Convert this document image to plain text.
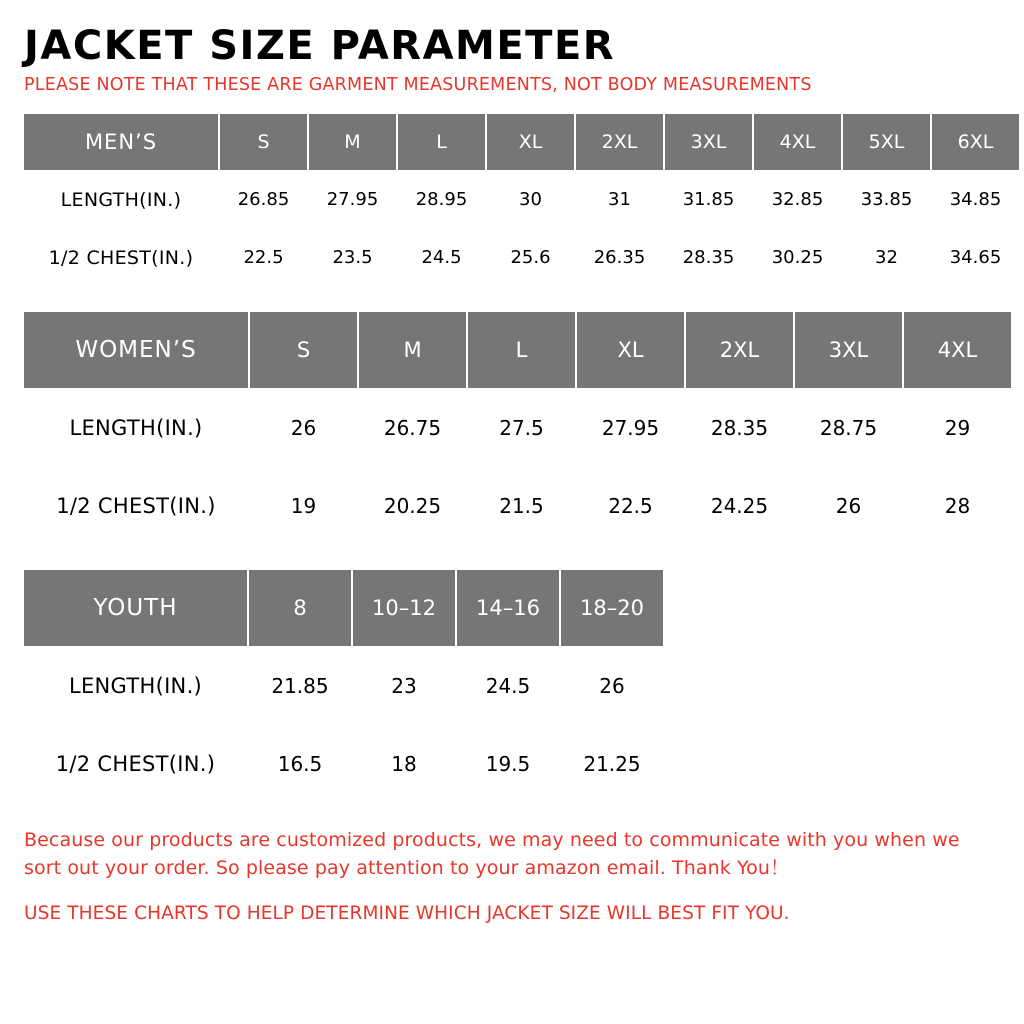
JACKET SIZE PARAMETER

PLEASE NOTE THAT THESE ARE GARMENT MEASUREMENTS, NOT BODY MEASUREMENTS

MEN’S	S	M	L	XL	2XL	3XL	4XL	5XL	6XL
LENGTH(IN.)	26.85	27.95	28.95	30	31	31.85	32.85	33.85	34.85
1/2 CHEST(IN.)	22.5	23.5	24.5	25.6	26.35	28.35	30.25	32	34.65
WOMEN’S	S	M	L	XL	2XL	3XL	4XL
LENGTH(IN.)	26	26.75	27.5	27.95	28.35	28.75	29
1/2 CHEST(IN.)	19	20.25	21.5	22.5	24.25	26	28
YOUTH	8	10–12	14–16	18–20
LENGTH(IN.)	21.85	23	24.5	26
1/2 CHEST(IN.)	16.5	18	19.5	21.25

Because our products are customized products, we may need to communicate with you when we sort out your order. So please pay attention to your amazon email. Thank You！

USE THESE CHARTS TO HELP DETERMINE WHICH JACKET SIZE WILL BEST FIT YOU.
